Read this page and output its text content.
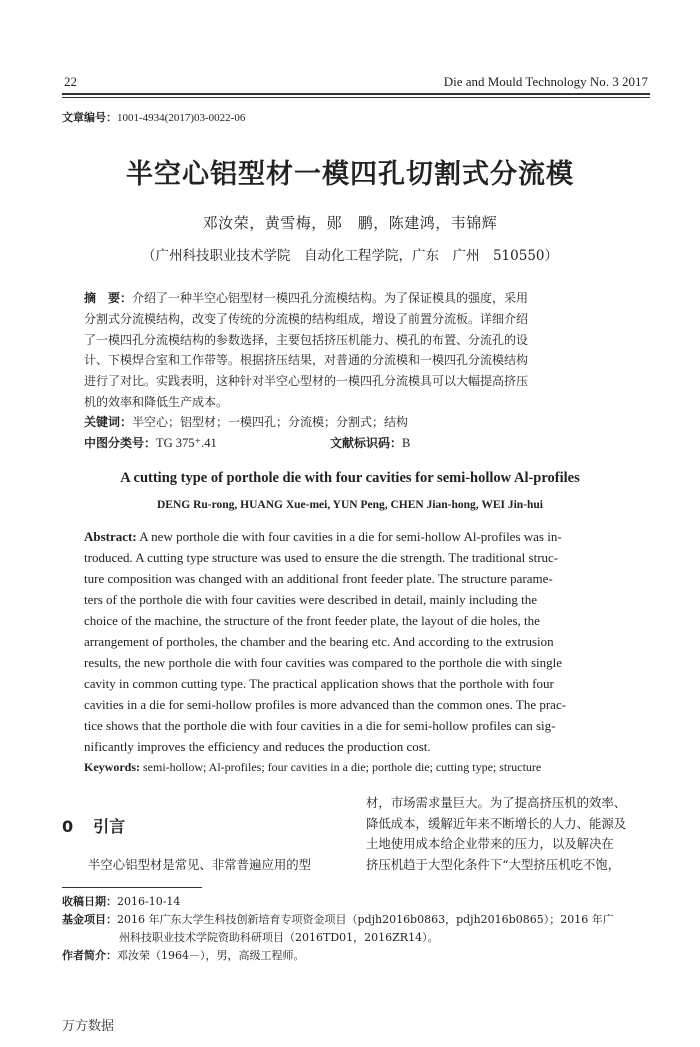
22	Die and Mould Technology No. 3 2017
文章编号：1001-4934(2017)03-0022-06
半空心铝型材一模四孔切割式分流模
邓汝荣，黄雪梅，郧　鹏，陈建鸿，韦锦辉
（广州科技职业技术学院　自动化工程学院，广东　广州　510550）
摘　要：介绍了一种半空心铝型材一模四孔分流模结构。为了保证模具的强度，采用
分割式分流模结构，改变了传统的分流模的结构组成，增设了前置分流板。详细介绍
了一模四孔分流模结构的参数选择，主要包括挤压机能力、模孔的布置、分流孔的设
计、下模焊合室和工作带等。根据挤压结果，对普通的分流模和一模四孔分流模结构
进行了对比。实践表明，这种针对半空心型材的一模四孔分流模具可以大幅提高挤压
机的效率和降低生产成本。
关键词：半空心；铝型材；一模四孔；分流模；分割式；结构
中图分类号：TG 375⁺.41	文献标识码：B
A cutting type of porthole die with four cavities for semi-hollow Al-profiles
DENG Ru-rong, HUANG Xue-mei, YUN Peng, CHEN Jian-hong, WEI Jin-hui
Abstract: A new porthole die with four cavities in a die for semi-hollow Al-profiles was in-
troduced. A cutting type structure was used to ensure the die strength. The traditional struc-
ture composition was changed with an additional front feeder plate. The structure parame-
ters of the porthole die with four cavities were described in detail, mainly including the
choice of the machine, the structure of the front feeder plate, the layout of die holes, the
arrangement of portholes, the chamber and the bearing etc. And according to the extrusion
results, the new porthole die with four cavities was compared to the porthole die with single
cavity in common cutting type. The practical application shows that the porthole with four
cavities in a die for semi-hollow profiles is more advanced than the common ones. The prac-
tice shows that the porthole die with four cavities in a die for semi-hollow profiles can sig-
nificantly improves the efficiency and reduces the production cost.
Keywords: semi-hollow; Al-profiles; four cavities in a die; porthole die; cutting type; structure
0 引言
半空心铝型材是常见、非常普遍应用的型
材，市场需求量巨大。为了提高挤压机的效率、
降低成本，缓解近年来不断增长的人力、能源及
土地使用成本给企业带来的压力，以及解决在
挤压机趋于大型化条件下“大型挤压机吃不饱，
收稿日期：2016-10-14
基金项目：2016 年广东大学生科技创新培育专项资金项目（pdjh2016b0863，pdjh2016b0865）；2016 年广
州科技职业技术学院资助科研项目（2016TD01，2016ZR14）。
作者简介：邓汝荣（1964－），男，高级工程师。
万方数据
